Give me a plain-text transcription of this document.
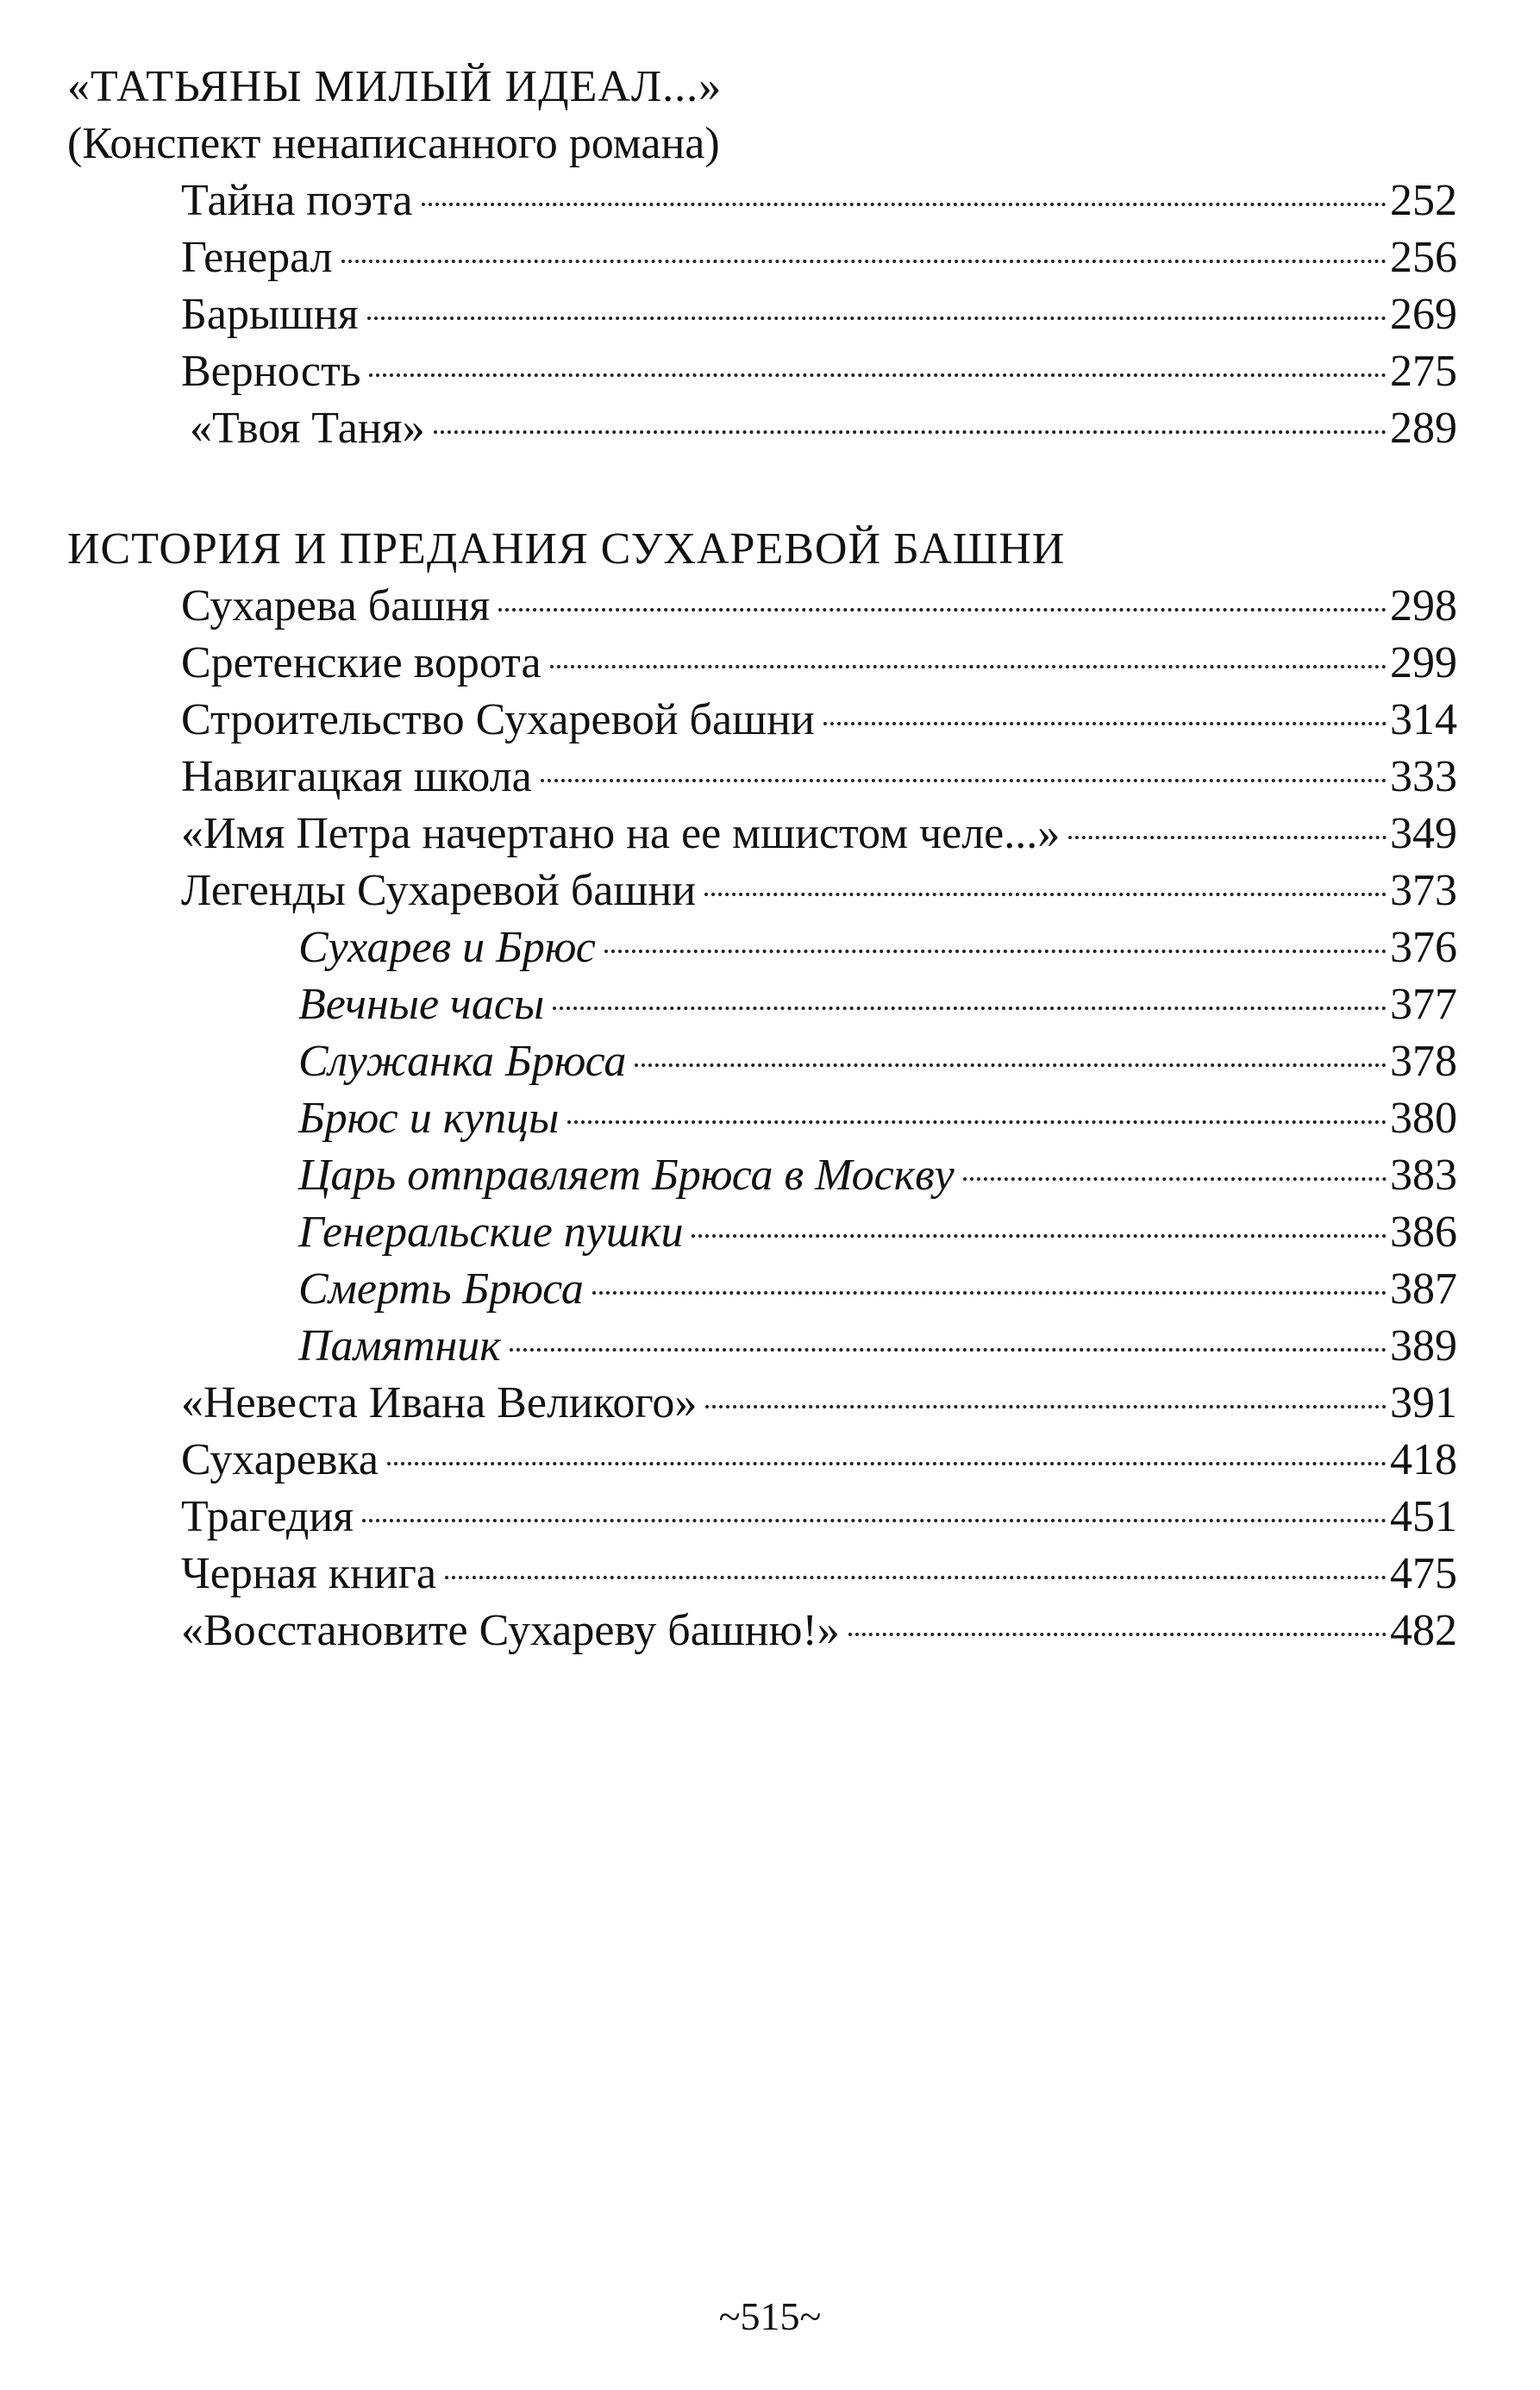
«ТАТЬЯНЫ МИЛЫЙ ИДЕАЛ...»

(Конспект ненаписанного романа)

Тайна поэта	252
Генерал	256
Барышня	269
Верность	275
«Твоя Таня»	289
ИСТОРИЯ И ПРЕДАНИЯ СУХАРЕВОЙ БАШНИ
Сухарева башня	298
Сретенские ворота	299
Строительство Сухаревой башни	314
Навигацкая школа	333
«Имя Петра начертано на ее мшистом челе...»	349
Легенды Сухаревой башни	373
Сухарев и Брюс	376
Вечные часы	377
Служанка Брюса	378
Брюс и купцы	380
Царь отправляет Брюса в Москву	383
Генеральские пушки	386
Смерть Брюса	387
Памятник	389
«Невеста Ивана Великого»	391
Сухаревка	418
Трагедия	451
Черная книга	475
«Восстановите Сухареву башню!»	482
~515~
